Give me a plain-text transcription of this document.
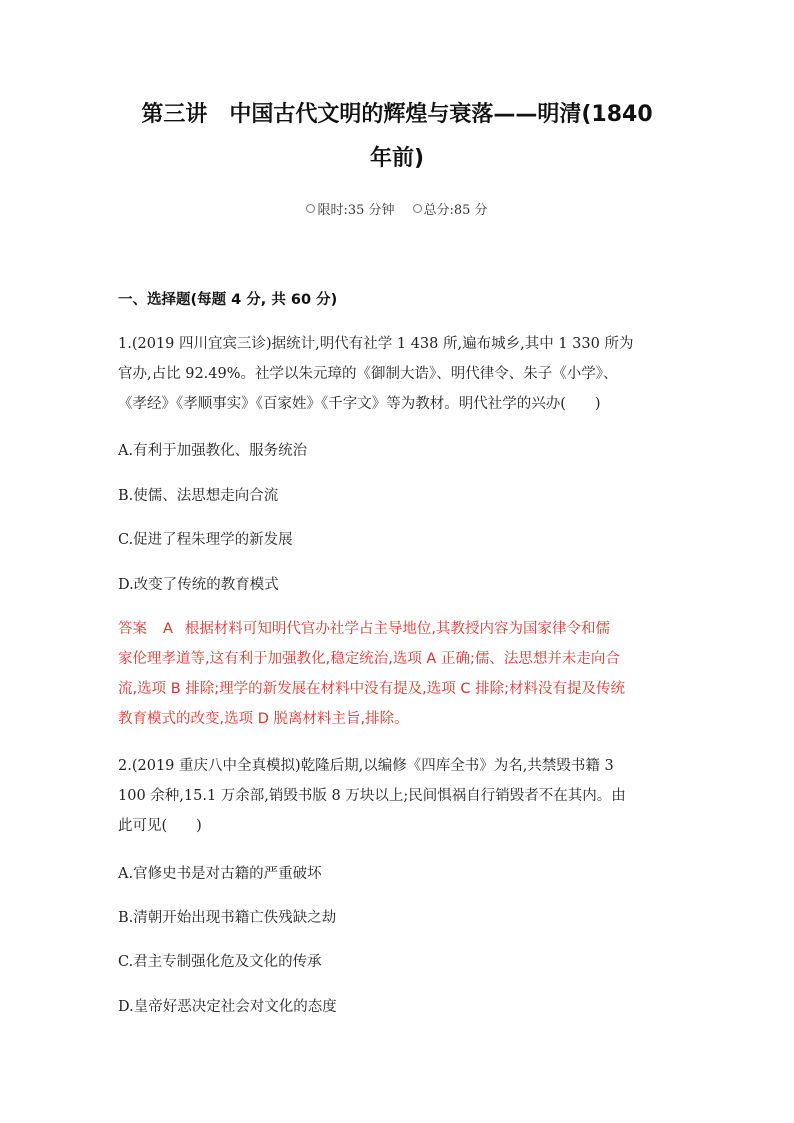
第三讲　中国古代文明的辉煌与衰落——明清(1840
年前)
限时:35 分钟 总分:85 分
一、选择题(每题 4 分, 共 60 分)
1.(2019 四川宜宾三诊)据统计,明代有社学 1 438 所,遍布城乡,其中 1 330 所为
官办,占比 92.49%。社学以朱元璋的《御制大诰》、明代律令、朱子《小学》、
《孝经》《孝顺事实》《百家姓》《千字文》等为教材。明代社学的兴办(　　)
A.有利于加强教化、服务统治
B.使儒、法思想走向合流
C.促进了程朱理学的新发展
D.改变了传统的教育模式
答案 A 根据材料可知明代官办社学占主导地位,其教授内容为国家律令和儒
家伦理孝道等,这有利于加强教化,稳定统治,选项 A 正确;儒、法思想并未走向合
流,选项 B 排除;理学的新发展在材料中没有提及,选项 C 排除;材料没有提及传统
教育模式的改变,选项 D 脱离材料主旨,排除。
2.(2019 重庆八中全真模拟)乾隆后期,以编修《四库全书》为名,共禁毁书籍 3
100 余种,15.1 万余部,销毁书版 8 万块以上;民间惧祸自行销毁者不在其内。由
此可见(　　)
A.官修史书是对古籍的严重破坏
B.清朝开始出现书籍亡佚残缺之劫
C.君主专制强化危及文化的传承
D.皇帝好恶决定社会对文化的态度
